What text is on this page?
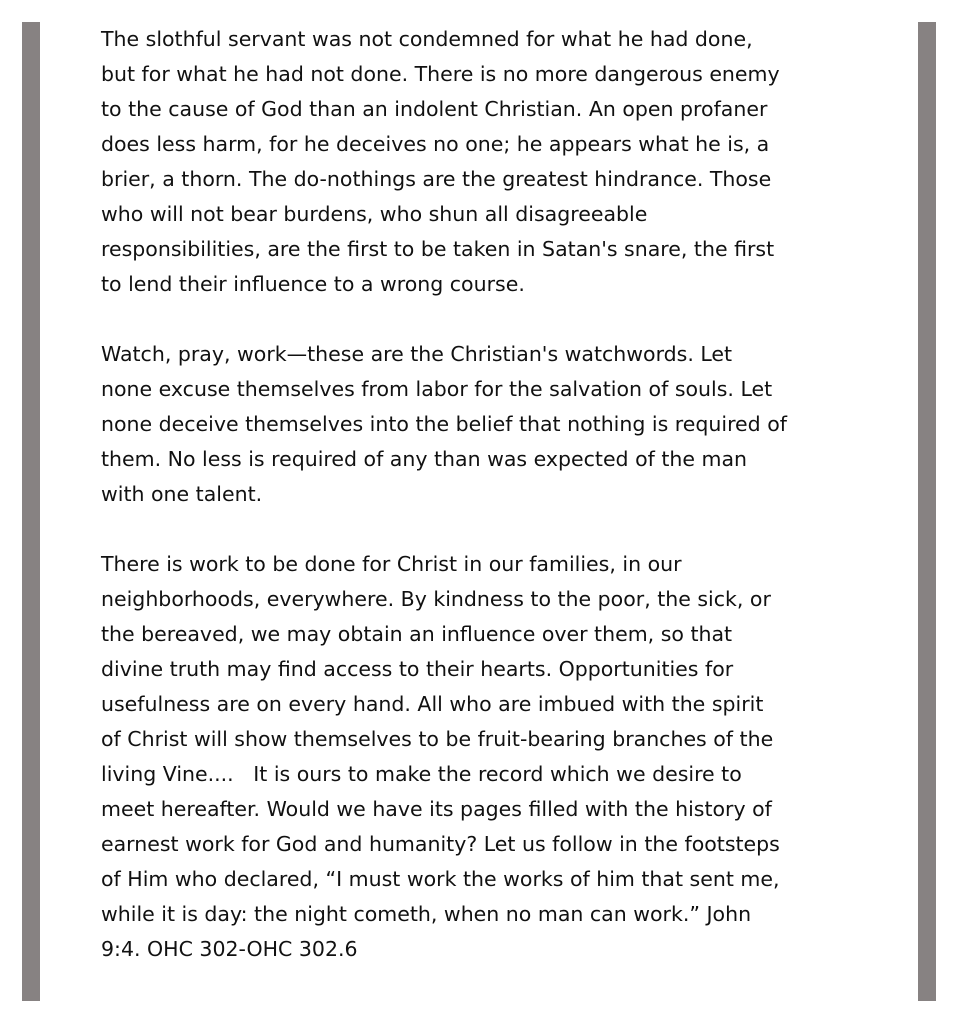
The slothful servant was not condemned for what he had done,
but for what he had not done. There is no more dangerous enemy
to the cause of God than an indolent Christian. An open profaner
does less harm, for he deceives no one; he appears what he is, a
brier, a thorn. The do-nothings are the greatest hindrance. Those
who will not bear burdens, who shun all disagreeable
responsibilities, are the first to be taken in Satan's snare, the first
to lend their influence to a wrong course.

Watch, pray, work—these are the Christian's watchwords. Let
none excuse themselves from labor for the salvation of souls. Let
none deceive themselves into the belief that nothing is required of
them. No less is required of any than was expected of the man
with one talent.

There is work to be done for Christ in our families, in our
neighborhoods, everywhere. By kindness to the poor, the sick, or
the bereaved, we may obtain an influence over them, so that
divine truth may find access to their hearts. Opportunities for
usefulness are on every hand. All who are imbued with the spirit
of Christ will show themselves to be fruit-bearing branches of the
living Vine....   It is ours to make the record which we desire to
meet hereafter. Would we have its pages filled with the history of
earnest work for God and humanity? Let us follow in the footsteps
of Him who declared, “I must work the works of him that sent me,
while it is day: the night cometh, when no man can work.” John
9:4. OHC 302-OHC 302.6
